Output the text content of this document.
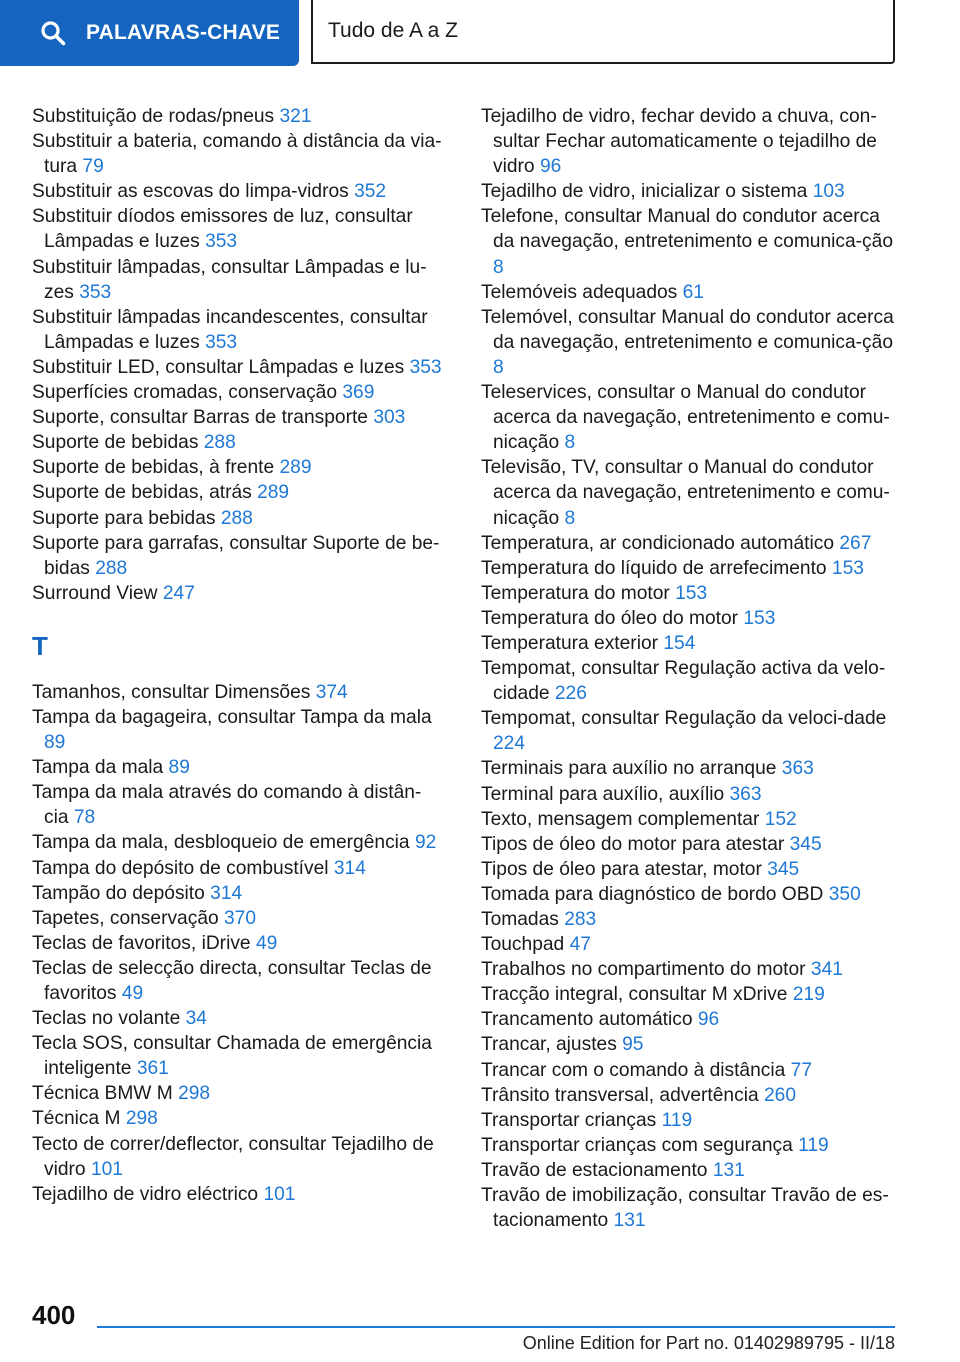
PALAVRAS-CHAVE Tudo de A a Z
Substituição de rodas/pneus 321
Substituir a bateria, comando à distância da via-tura 79
Substituir as escovas do limpa-vidros 352
Substituir díodos emissores de luz, consultar Lâmpadas e luzes 353
Substituir lâmpadas, consultar Lâmpadas e lu-zes 353
Substituir lâmpadas incandescentes, consultar Lâmpadas e luzes 353
Substituir LED, consultar Lâmpadas e luzes 353
Superfícies cromadas, conservação 369
Suporte, consultar Barras de transporte 303
Suporte de bebidas 288
Suporte de bebidas, à frente 289
Suporte de bebidas, atrás 289
Suporte para bebidas 288
Suporte para garrafas, consultar Suporte de be-bidas 288
Surround View 247
T
Tamanhos, consultar Dimensões 374
Tampa da bagageira, consultar Tampa da mala 89
Tampa da mala 89
Tampa da mala através do comando à distân-cia 78
Tampa da mala, desbloqueio de emergência 92
Tampa do depósito de combustível 314
Tampão do depósito 314
Tapetes, conservação 370
Teclas de favoritos, iDrive 49
Teclas de selecção directa, consultar Teclas de favoritos 49
Teclas no volante 34
Tecla SOS, consultar Chamada de emergência inteligente 361
Técnica BMW M 298
Técnica M 298
Tecto de correr/deflector, consultar Tejadilho de vidro 101
Tejadilho de vidro eléctrico 101
Tejadilho de vidro, fechar devido a chuva, con-sultar Fechar automaticamente o tejadilho de vidro 96
Tejadilho de vidro, inicializar o sistema 103
Telefone, consultar Manual do condutor acerca da navegação, entretenimento e comunica-ção 8
Telemóveis adequados 61
Telemóvel, consultar Manual do condutor acerca da navegação, entretenimento e comunica-ção 8
Teleservices, consultar o Manual do condutor acerca da navegação, entretenimento e comu-nicação 8
Televisão, TV, consultar o Manual do condutor acerca da navegação, entretenimento e comu-nicação 8
Temperatura, ar condicionado automático 267
Temperatura do líquido de arrefecimento 153
Temperatura do motor 153
Temperatura do óleo do motor 153
Temperatura exterior 154
Tempomat, consultar Regulação activa da velo-cidade 226
Tempomat, consultar Regulação da veloci-dade 224
Terminais para auxílio no arranque 363
Terminal para auxílio, auxílio 363
Texto, mensagem complementar 152
Tipos de óleo do motor para atestar 345
Tipos de óleo para atestar, motor 345
Tomada para diagnóstico de bordo OBD 350
Tomadas 283
Touchpad 47
Trabalhos no compartimento do motor 341
Tracção integral, consultar M xDrive 219
Trancamento automático 96
Trancar, ajustes 95
Trancar com o comando à distância 77
Trânsito transversal, advertência 260
Transportar crianças 119
Transportar crianças com segurança 119
Travão de estacionamento 131
Travão de imobilização, consultar Travão de es-tacionamento 131
400
Online Edition for Part no. 01402989795 - II/18
